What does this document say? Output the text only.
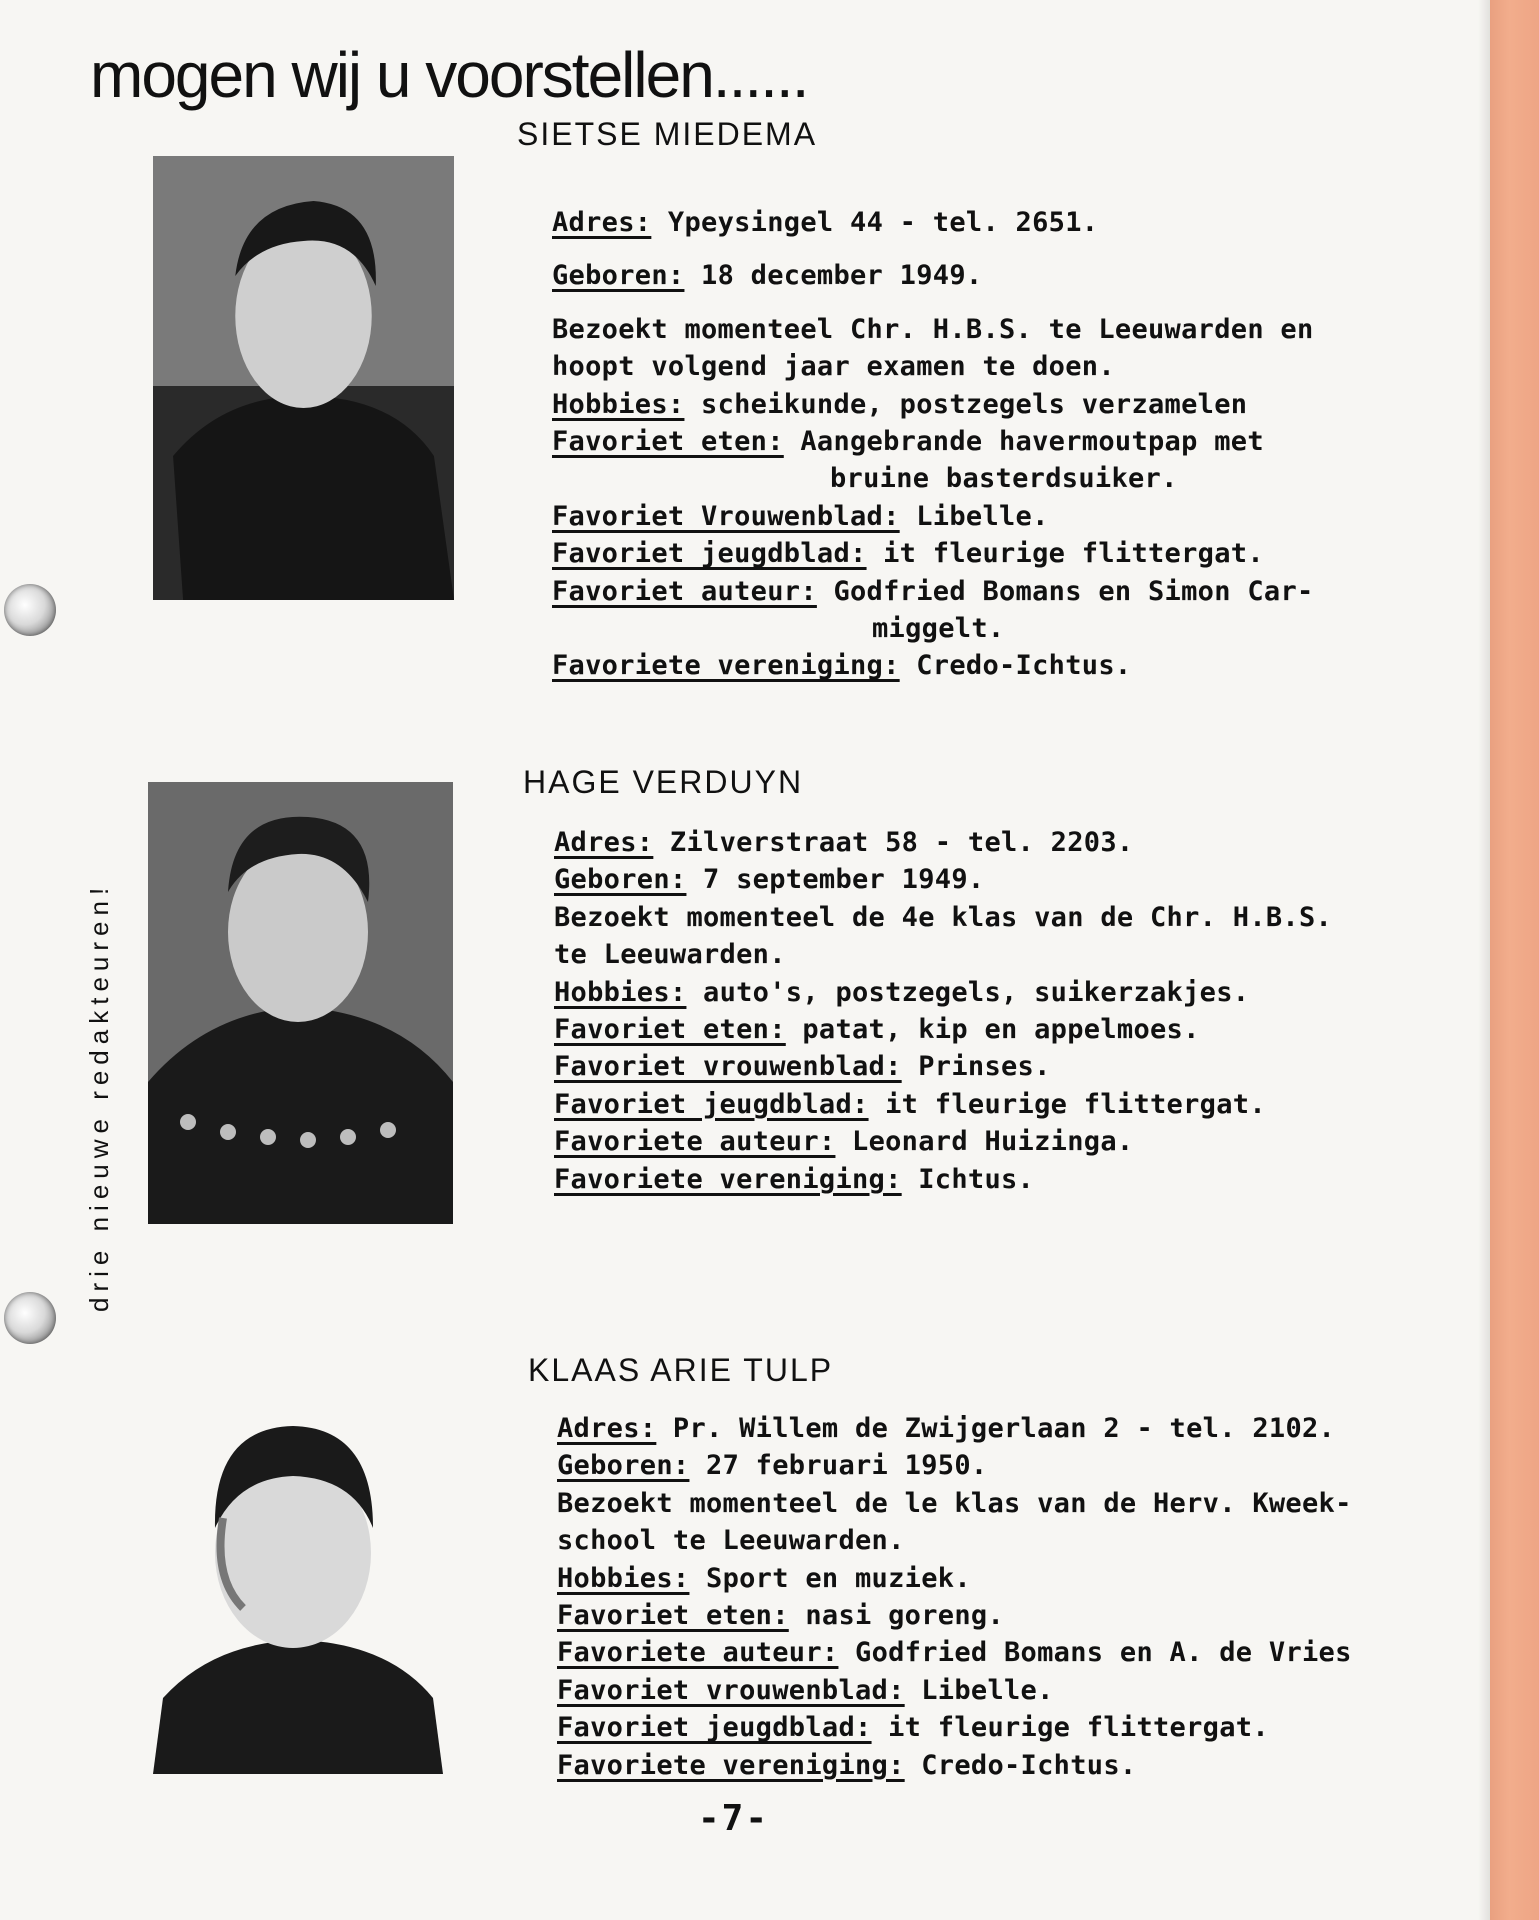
mogen wij u voorstellen......
drie nieuwe redakteuren!
SIETSE MIEDEMA
Adres: Ypeysingel 44 - tel. 2651.
Geboren: 18 december 1949.
Bezoekt momenteel Chr. H.B.S. te Leeuwarden en
hoopt volgend jaar examen te doen.
Hobbies: scheikunde, postzegels verzamelen
Favoriet eten: Aangebrande havermoutpap met
bruine basterdsuiker.
Favoriet Vrouwenblad: Libelle.
Favoriet jeugdblad: it fleurige flittergat.
Favoriet auteur: Godfried Bomans en Simon Car-
miggelt.
Favoriete vereniging: Credo-Ichtus.
HAGE VERDUYN
Adres: Zilverstraat 58 - tel. 2203.
Geboren: 7 september 1949.
Bezoekt momenteel de 4e klas van de Chr. H.B.S.
te Leeuwarden.
Hobbies: auto's, postzegels, suikerzakjes.
Favoriet eten: patat, kip en appelmoes.
Favoriet vrouwenblad: Prinses.
Favoriet jeugdblad: it fleurige flittergat.
Favoriete auteur: Leonard Huizinga.
Favoriete vereniging: Ichtus.
KLAAS ARIE TULP
Adres: Pr. Willem de Zwijgerlaan 2 - tel. 2102.
Geboren: 27 februari 1950.
Bezoekt momenteel de le klas van de Herv. Kweek-
school te Leeuwarden.
Hobbies: Sport en muziek.
Favoriet eten: nasi goreng.
Favoriete auteur: Godfried Bomans en A. de Vries
Favoriet vrouwenblad: Libelle.
Favoriet jeugdblad: it fleurige flittergat.
Favoriete vereniging: Credo-Ichtus.
-7-
